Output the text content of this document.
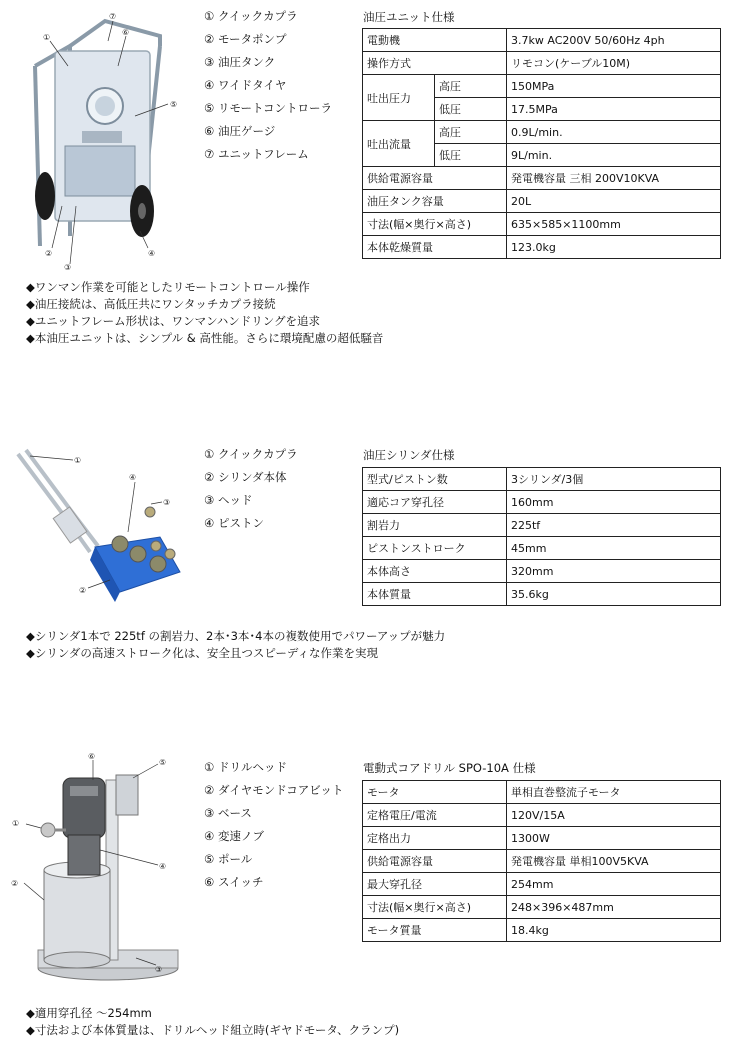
⑦
①
⑥
⑤
②
③
④
① クイックカプラ
② モータポンプ
③ 油圧タンク
④ ワイドタイヤ
⑤ リモートコントローラ
⑥ 油圧ゲージ
⑦ ユニットフレーム
油圧ユニット仕様
電動機		3.7kw AC200V 50/60Hz 4ph
操作方式		リモコン(ケーブル10M)
吐出圧力	高圧	150MPa
	低圧	17.5MPa
吐出流量	高圧	0.9L/min.
	低圧	9L/min.
供給電源容量		発電機容量 三相 200V10KVA
油圧タンク容量		20L
寸法(幅×奥行×高さ)		635×585×1100mm
本体乾燥質量		123.0kg
◆ワンマン作業を可能としたリモートコントロール操作
◆油圧接続は、高低圧共にワンタッチカプラ接続
◆ユニットフレーム形状は、ワンマンハンドリングを追求
◆本油圧ユニットは、シンプル & 高性能。さらに環境配慮の超低騒音
①
④
③
②
① クイックカプラ
② シリンダ本体
③ ヘッド
④ ピストン
油圧シリンダ仕様
型式/ピストン数	3シリンダ/3個
適応コア穿孔径	160mm
割岩力	225tf
ピストンストローク	45mm
本体高さ	320mm
本体質量	35.6kg
◆シリンダ1本で 225tf の割岩力、2本･3本･4本の複数使用でパワーアップが魅力
◆シリンダの高速ストローク化は、安全且つスピーディな作業を実現
⑥
⑤
①
④
②
③
① ドリルヘッド
② ダイヤモンドコアビット
③ ベース
④ 変速ノブ
⑤ ポール
⑥ スイッチ
電動式コアドリル SPO-10A 仕様
モータ	単相直巻整流子モータ
定格電圧/電流	120V/15A
定格出力	1300W
供給電源容量	発電機容量 単相100V5KVA
最大穿孔径	254mm
寸法(幅×奥行×高さ)	248×396×487mm
モータ質量	18.4kg
◆適用穿孔径 ～254mm
◆寸法および本体質量は、ドリルヘッド組立時(ギヤドモータ、クランプ)
